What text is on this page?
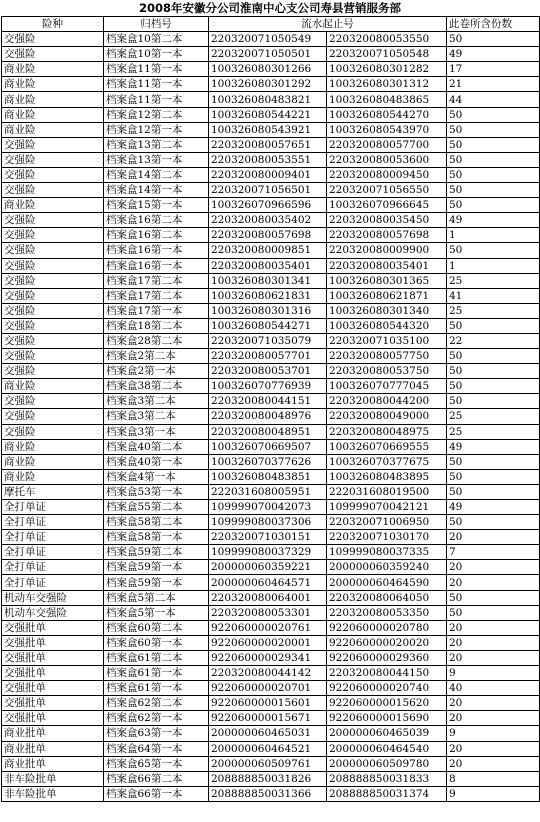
2008年安徽分公司淮南中心支公司寿县营销服务部
险种	归档号	流水起止号		此卷所含份数
交强险	档案盒10第二本	220320071050549	220320080053550	50
交强险	档案盒10第一本	220320071050501	220320071050548	49
商业险	档案盒11第一本	100326080301266	100326080301282	17
商业险	档案盒11第一本	100326080301292	100326080301312	21
商业险	档案盒11第一本	100326080483821	100326080483865	44
商业险	档案盒12第二本	100326080544221	100326080544270	50
商业险	档案盒12第一本	100326080543921	100326080543970	50
交强险	档案盒13第二本	220320080057651	220320080057700	50
交强险	档案盒13第一本	220320080053551	220320080053600	50
交强险	档案盒14第二本	220320080009401	220320080009450	50
交强险	档案盒14第一本	220320071056501	220320071056550	50
商业险	档案盒15第一本	100326070966596	100326070966645	50
交强险	档案盒16第二本	220320080035402	220320080035450	49
交强险	档案盒16第二本	220320080057698	220320080057698	1
交强险	档案盒16第一本	220320080009851	220320080009900	50
交强险	档案盒16第一本	220320080035401	220320080035401	1
交强险	档案盒17第二本	100326080301341	100326080301365	25
交强险	档案盒17第二本	100326080621831	100326080621871	41
交强险	档案盒17第一本	100326080301316	100326080301340	25
交强险	档案盒18第二本	100326080544271	100326080544320	50
交强险	档案盒28第二本	220320071035079	220320071035100	22
交强险	档案盒2第二本	220320080057701	220320080057750	50
交强险	档案盒2第一本	220320080053701	220320080053750	50
商业险	档案盒38第二本	100326070776939	100326070777045	50
交强险	档案盒3第二本	220320080044151	220320080044200	50
交强险	档案盒3第二本	220320080048976	220320080049000	25
交强险	档案盒3第一本	220320080048951	220320080048975	25
商业险	档案盒40第二本	100326070669507	100326070669555	49
商业险	档案盒40第一本	100326070377626	100326070377675	50
商业险	档案盒4第一本	100326080483851	100326080483895	50
摩托车	档案盒53第一本	222031608005951	222031608019500	50
全打单证	档案盒55第二本	109999070042073	109999070042121	49
全打单证	档案盒58第二本	109999080037306	220320071006950	50
全打单证	档案盒58第一本	220320071030151	220320071030170	20
全打单证	档案盒59第二本	109999080037329	109999080037335	7
全打单证	档案盒59第一本	200000060359221	200000060359240	20
全打单证	档案盒59第一本	200000060464571	200000060464590	20
机动车交强险	档案盒5第二本	220320080064001	220320080064050	50
机动车交强险	档案盒5第一本	220320080053301	220320080053350	50
交强批单	档案盒60第二本	922060000020761	922060000020780	20
交强批单	档案盒60第一本	922060000020001	922060000020020	20
交强批单	档案盒61第二本	922060000029341	922060000029360	20
交强批单	档案盒61第一本	220320080044142	220320080044150	9
交强批单	档案盒61第一本	922060000020701	922060000020740	40
交强批单	档案盒62第二本	922060000015601	922060000015620	20
交强批单	档案盒62第一本	922060000015671	922060000015690	20
商业批单	档案盒63第一本	200000060465031	200000060465039	9
商业批单	档案盒64第一本	200000060464521	200000060464540	20
商业批单	档案盒65第一本	200000060509761	200000060509780	20
非车险批单	档案盒66第二本	208888850031826	208888850031833	8
非车险批单	档案盒66第一本	208888850031366	208888850031374	9
